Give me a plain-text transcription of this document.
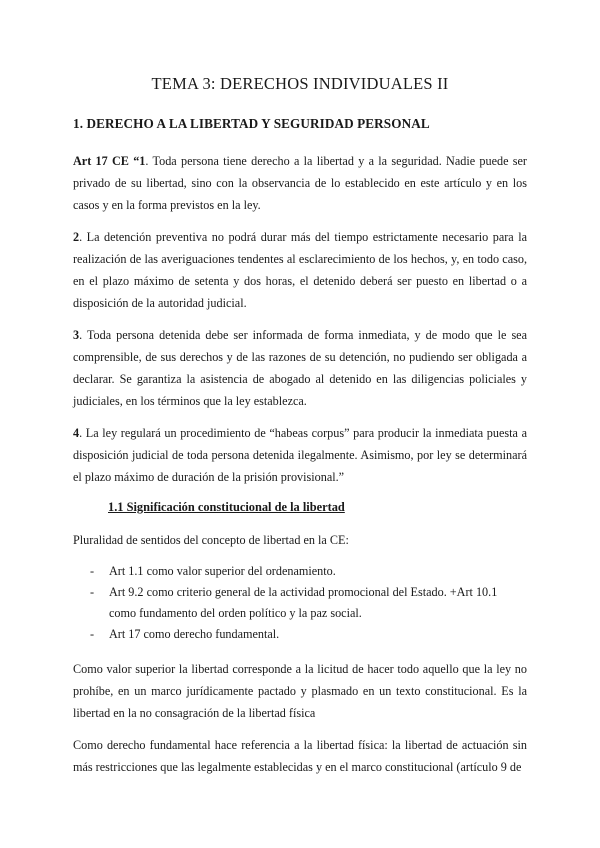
TEMA 3: DERECHOS INDIVIDUALES II
1. DERECHO A LA LIBERTAD Y SEGURIDAD PERSONAL

Art 17 CE “1. Toda persona tiene derecho a la libertad y a la seguridad. Nadie puede ser privado de su libertad, sino con la observancia de lo establecido en este artículo y en los casos y en la forma previstos en la ley.

2. La detención preventiva no podrá durar más del tiempo estrictamente necesario para la realización de las averiguaciones tendentes al esclarecimiento de los hechos, y, en todo caso, en el plazo máximo de setenta y dos horas, el detenido deberá ser puesto en libertad o a disposición de la autoridad judicial.

3. Toda persona detenida debe ser informada de forma inmediata, y de modo que le sea comprensible, de sus derechos y de las razones de su detención, no pudiendo ser obligada a declarar. Se garantiza la asistencia de abogado al detenido en las diligencias policiales y judiciales, en los términos que la ley establezca.

4. La ley regulará un procedimiento de “habeas corpus” para producir la inmediata puesta a disposición judicial de toda persona detenida ilegalmente. Asimismo, por ley se determinará el plazo máximo de duración de la prisión provisional.”

1.1 Significación constitucional de la libertad

Pluralidad de sentidos del concepto de libertad en la CE:

- Art 1.1 como valor superior del ordenamiento.
- Art 9.2 como criterio general de la actividad promocional del Estado. +Art 10.1 como fundamento del orden político y la paz social.
- Art 17 como derecho fundamental.

Como valor superior la libertad corresponde a la licitud de hacer todo aquello que la ley no prohíbe, en un marco jurídicamente pactado y plasmado en un texto constitucional. Es la libertad en la no consagración de la libertad física

Como derecho fundamental hace referencia a la libertad física: la libertad de actuación sin más restricciones que las legalmente establecidas y en el marco constitucional (artículo 9 de
